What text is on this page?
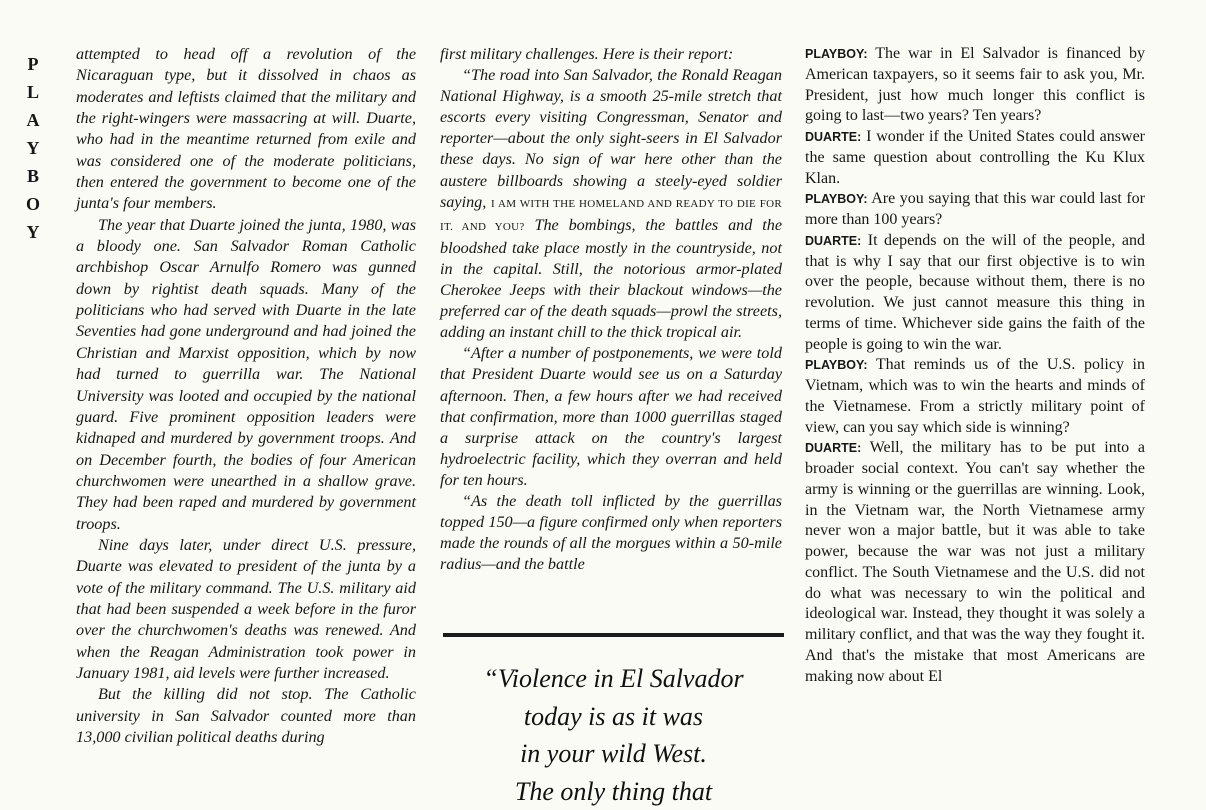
P
L
A
Y
B
O
Y

attempted to head off a revolution of the Nicaraguan type, but it dissolved in chaos as moderates and leftists claimed that the military and the right-wingers were massacring at will. Duarte, who had in the meantime returned from exile and was considered one of the moderate politicians, then entered the government to become one of the junta's four members.

The year that Duarte joined the junta, 1980, was a bloody one. San Salvador Roman Catholic archbishop Oscar Arnulfo Romero was gunned down by rightist death squads. Many of the politicians who had served with Duarte in the late Seventies had gone underground and had joined the Christian and Marxist opposition, which by now had turned to guerrilla war. The National University was looted and occupied by the national guard. Five prominent opposition leaders were kidnaped and murdered by government troops. And on December fourth, the bodies of four American churchwomen were unearthed in a shallow grave. They had been raped and murdered by government troops.

Nine days later, under direct U.S. pressure, Duarte was elevated to president of the junta by a vote of the military command. The U.S. military aid that had been suspended a week before in the furor over the churchwomen's deaths was renewed. And when the Reagan Administration took power in January 1981, aid levels were further increased.

But the killing did not stop. The Catholic university in San Salvador counted more than 13,000 civilian political deaths during

first military challenges. Here is their report:

“The road into San Salvador, the Ronald Reagan National Highway, is a smooth 25-mile stretch that escorts every visiting Congressman, Senator and reporter—about the only sight-seers in El Salvador these days. No sign of war here other than the austere billboards showing a steely-eyed soldier saying, I AM WITH THE HOMELAND AND READY TO DIE FOR IT. AND YOU? The bombings, the battles and the bloodshed take place mostly in the countryside, not in the capital. Still, the notorious armor-plated Cherokee Jeeps with their blackout windows—the preferred car of the death squads—prowl the streets, adding an instant chill to the thick tropical air.

“After a number of postponements, we were told that President Duarte would see us on a Saturday afternoon. Then, a few hours after we had received that confirmation, more than 1000 guerrillas staged a surprise attack on the country's largest hydroelectric facility, which they overran and held for ten hours.

“As the death toll inflicted by the guerrillas topped 150—a figure confirmed only when reporters made the rounds of all the morgues within a 50-mile radius—and the battle

“Violence in El Salvador
today is as it was
in your wild West.
The only thing that

PLAYBOY: The war in El Salvador is financed by American taxpayers, so it seems fair to ask you, Mr. President, just how much longer this conflict is going to last—two years? Ten years?

DUARTE: I wonder if the United States could answer the same question about controlling the Ku Klux Klan.

PLAYBOY: Are you saying that this war could last for more than 100 years?

DUARTE: It depends on the will of the people, and that is why I say that our first objective is to win over the people, because without them, there is no revolution. We just cannot measure this thing in terms of time. Whichever side gains the faith of the people is going to win the war.

PLAYBOY: That reminds us of the U.S. policy in Vietnam, which was to win the hearts and minds of the Vietnamese. From a strictly military point of view, can you say which side is winning?

DUARTE: Well, the military has to be put into a broader social context. You can't say whether the army is winning or the guerrillas are winning. Look, in the Vietnam war, the North Vietnamese army never won a major battle, but it was able to take power, because the war was not just a military conflict. The South Vietnamese and the U.S. did not do what was necessary to win the political and ideological war. Instead, they thought it was solely a military conflict, and that was the way they fought it. And that's the mistake that most Americans are making now about El
